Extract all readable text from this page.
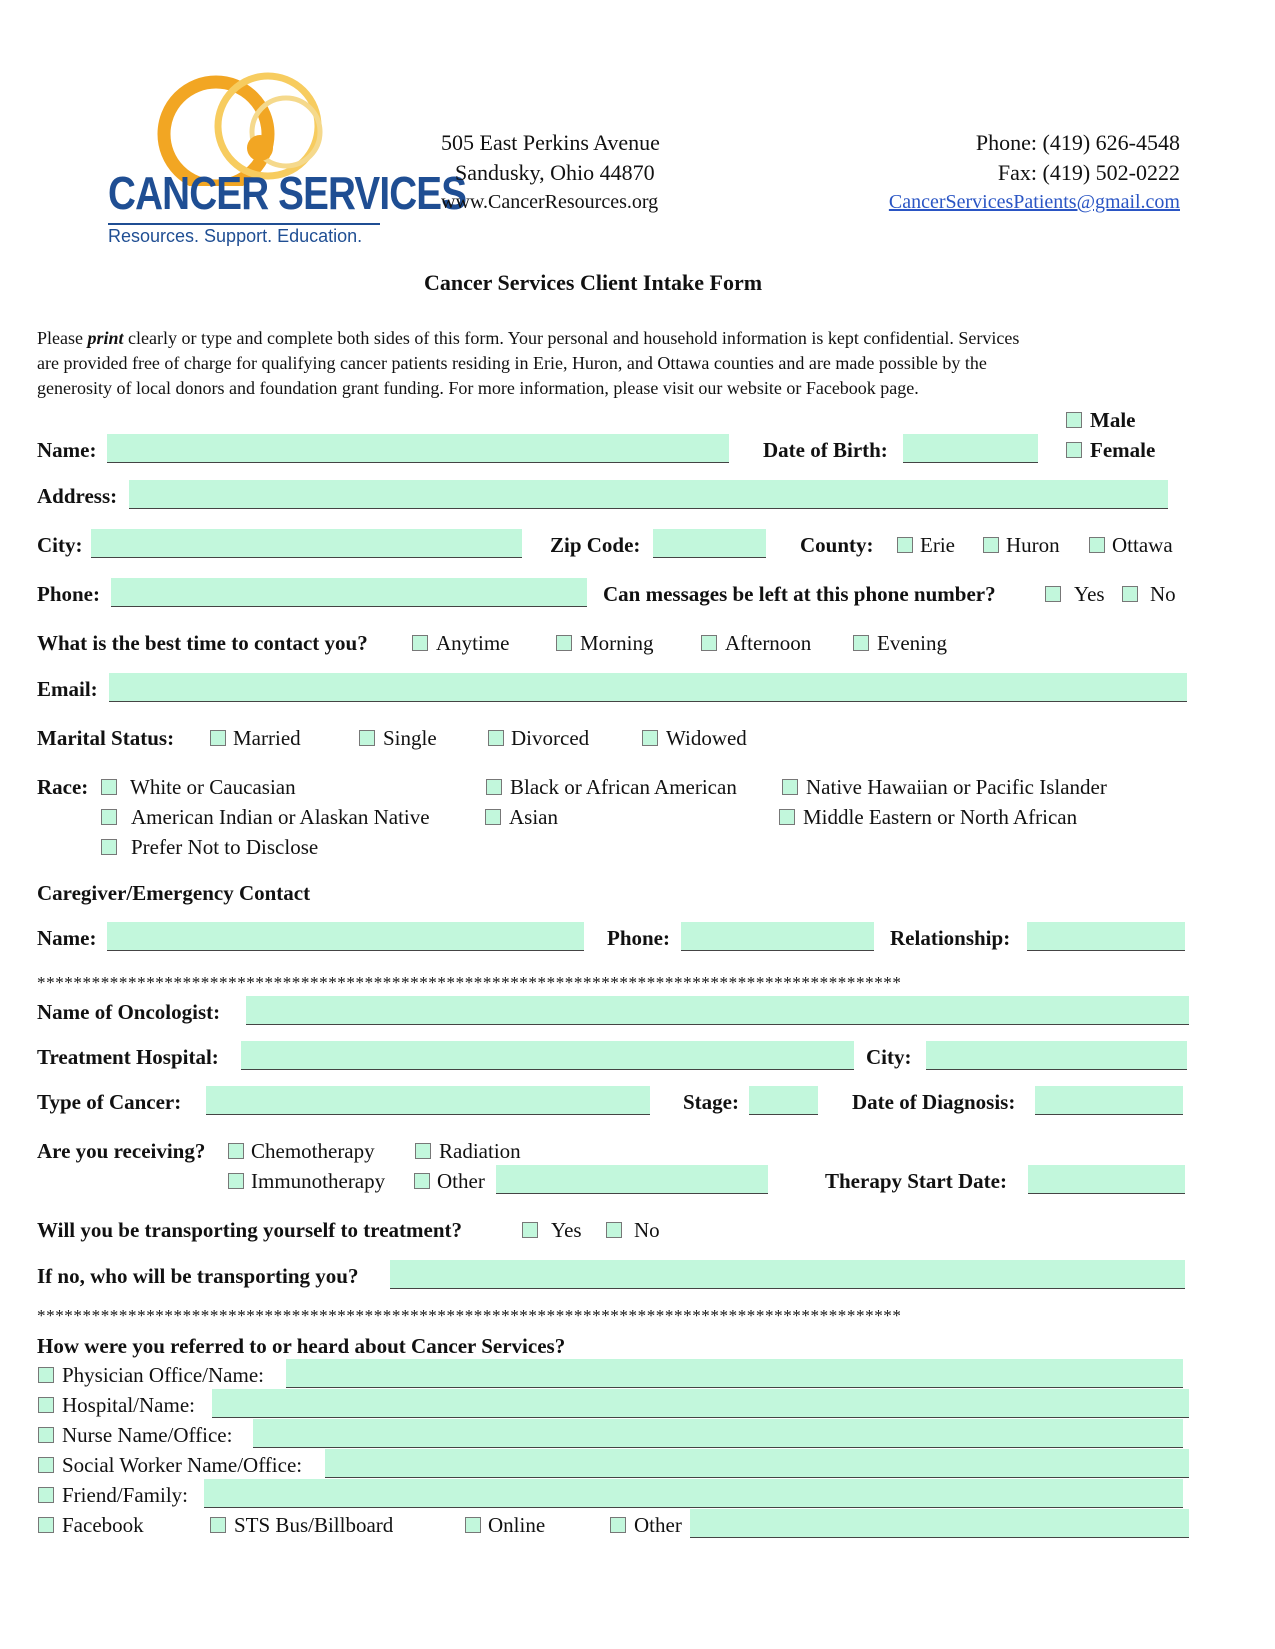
CANCER SERVICES
Resources. Support. Education.
505 East Perkins Avenue
Sandusky, Ohio 44870
www.CancerResources.org
Phone: (419) 626-4548
Fax: (419) 502-0222
CancerServicesPatients@gmail.com
Cancer Services Client Intake Form
Please print clearly or type and complete both sides of this form. Your personal and household information is kept confidential. Services
are provided free of charge for qualifying cancer patients residing in Erie, Huron, and Ottawa counties and are made possible by the
generosity of local donors and foundation grant funding. For more information, please visit our website or Facebook page.
Male
Female
Name:	Date of Birth:
Address:
City:	Zip Code:	County: Erie Huron Ottawa
Phone:	Can messages be left at this phone number?	Yes No
What is the best time to contact you?	Anytime	Morning	Afternoon	Evening
Email:
Marital Status:	Married	Single	Divorced	Widowed
Race: White or Caucasian	Black or African American	Native Hawaiian or Pacific Islander
American Indian or Alaskan Native	Asian	Middle Eastern or North African
Prefer Not to Disclose
Caregiver/Emergency Contact
Name:	Phone:	Relationship:
***********************************************************************************************
Name of Oncologist:
Treatment Hospital:	City:
Type of Cancer:	Stage:	Date of Diagnosis:
Are you receiving? Chemotherapy	Radiation
Immunotherapy Other	Therapy Start Date:
Will you be transporting yourself to treatment?	Yes No
If no, who will be transporting you?
***********************************************************************************************
How were you referred to or heard about Cancer Services?
Physician Office/Name:
Hospital/Name:
Nurse Name/Office:
Social Worker Name/Office:
Friend/Family:
Facebook	STS Bus/Billboard	Online	Other
